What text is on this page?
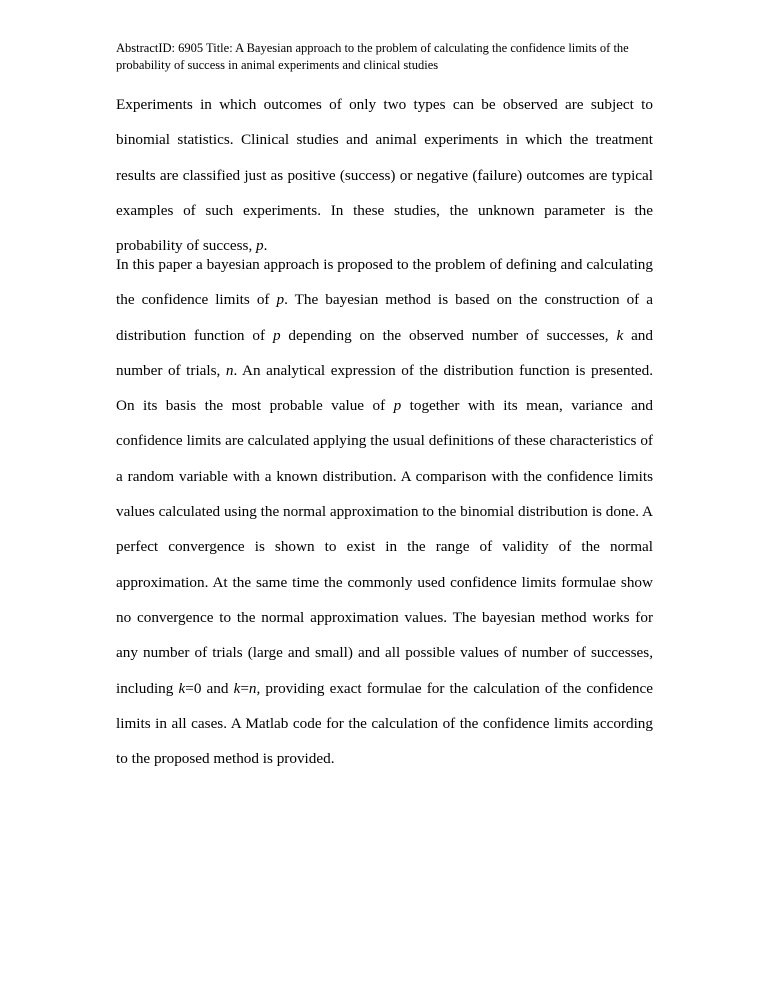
AbstractID: 6905 Title: A Bayesian approach to the problem of calculating the confidence limits of the probability of success in animal experiments and clinical studies
Experiments in which outcomes of only two types can be observed are subject to binomial statistics. Clinical studies and animal experiments in which the treatment results are classified just as positive (success) or negative (failure) outcomes are typical examples of such experiments. In these studies, the unknown parameter is the probability of success, p.
In this paper a bayesian approach is proposed to the problem of defining and calculating the confidence limits of p. The bayesian method is based on the construction of a distribution function of p depending on the observed number of successes, k and number of trials, n. An analytical expression of the distribution function is presented. On its basis the most probable value of p together with its mean, variance and confidence limits are calculated applying the usual definitions of these characteristics of a random variable with a known distribution. A comparison with the confidence limits values calculated using the normal approximation to the binomial distribution is done. A perfect convergence is shown to exist in the range of validity of the normal approximation. At the same time the commonly used confidence limits formulae show no convergence to the normal approximation values. The bayesian method works for any number of trials (large and small) and all possible values of number of successes, including k=0 and k=n, providing exact formulae for the calculation of the confidence limits in all cases. A Matlab code for the calculation of the confidence limits according to the proposed method is provided.
